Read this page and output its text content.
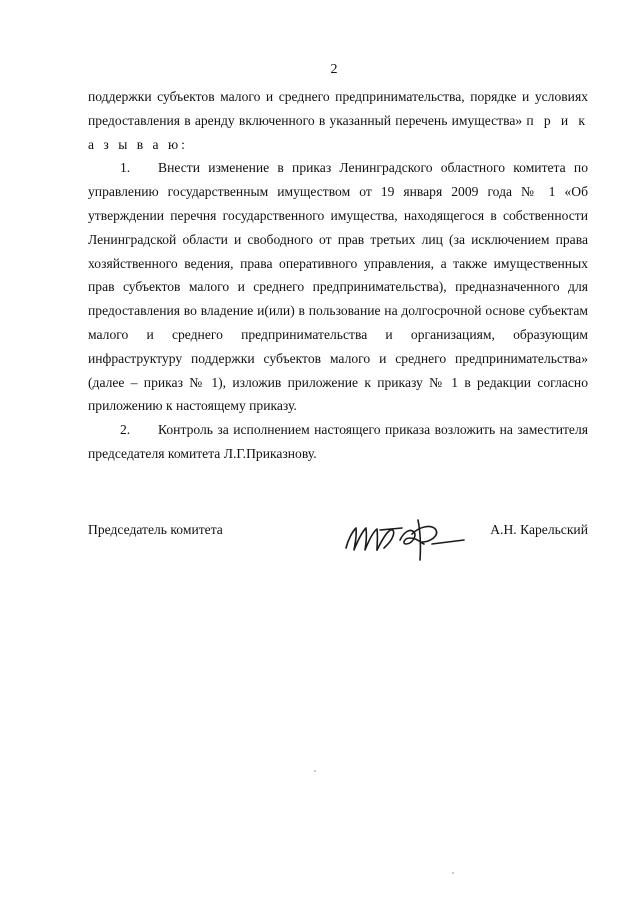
2

поддержки субъектов малого и среднего предпринимательства, порядке и условиях предоставления в аренду включенного в указанный перечень имущества» п р и к а з ы в а ю:

1. Внести изменение в приказ Ленинградского областного комитета по управлению государственным имуществом от 19 января 2009 года № 1 «Об утверждении перечня государственного имущества, находящегося в собственности Ленинградской области и свободного от прав третьих лиц (за исключением права хозяйственного ведения, права оперативного управления, а также имущественных прав субъектов малого и среднего предпринимательства), предназначенного для предоставления во владение и(или) в пользование на долгосрочной основе субъектам малого и среднего предпринимательства и организациям, образующим инфраструктуру поддержки субъектов малого и среднего предпринимательства» (далее – приказ № 1), изложив приложение к приказу № 1 в редакции согласно приложению к настоящему приказу.

2. Контроль за исполнением настоящего приказа возложить на заместителя председателя комитета Л.Г.Приказнову.

Председатель комитета	А.Н. Карельский
